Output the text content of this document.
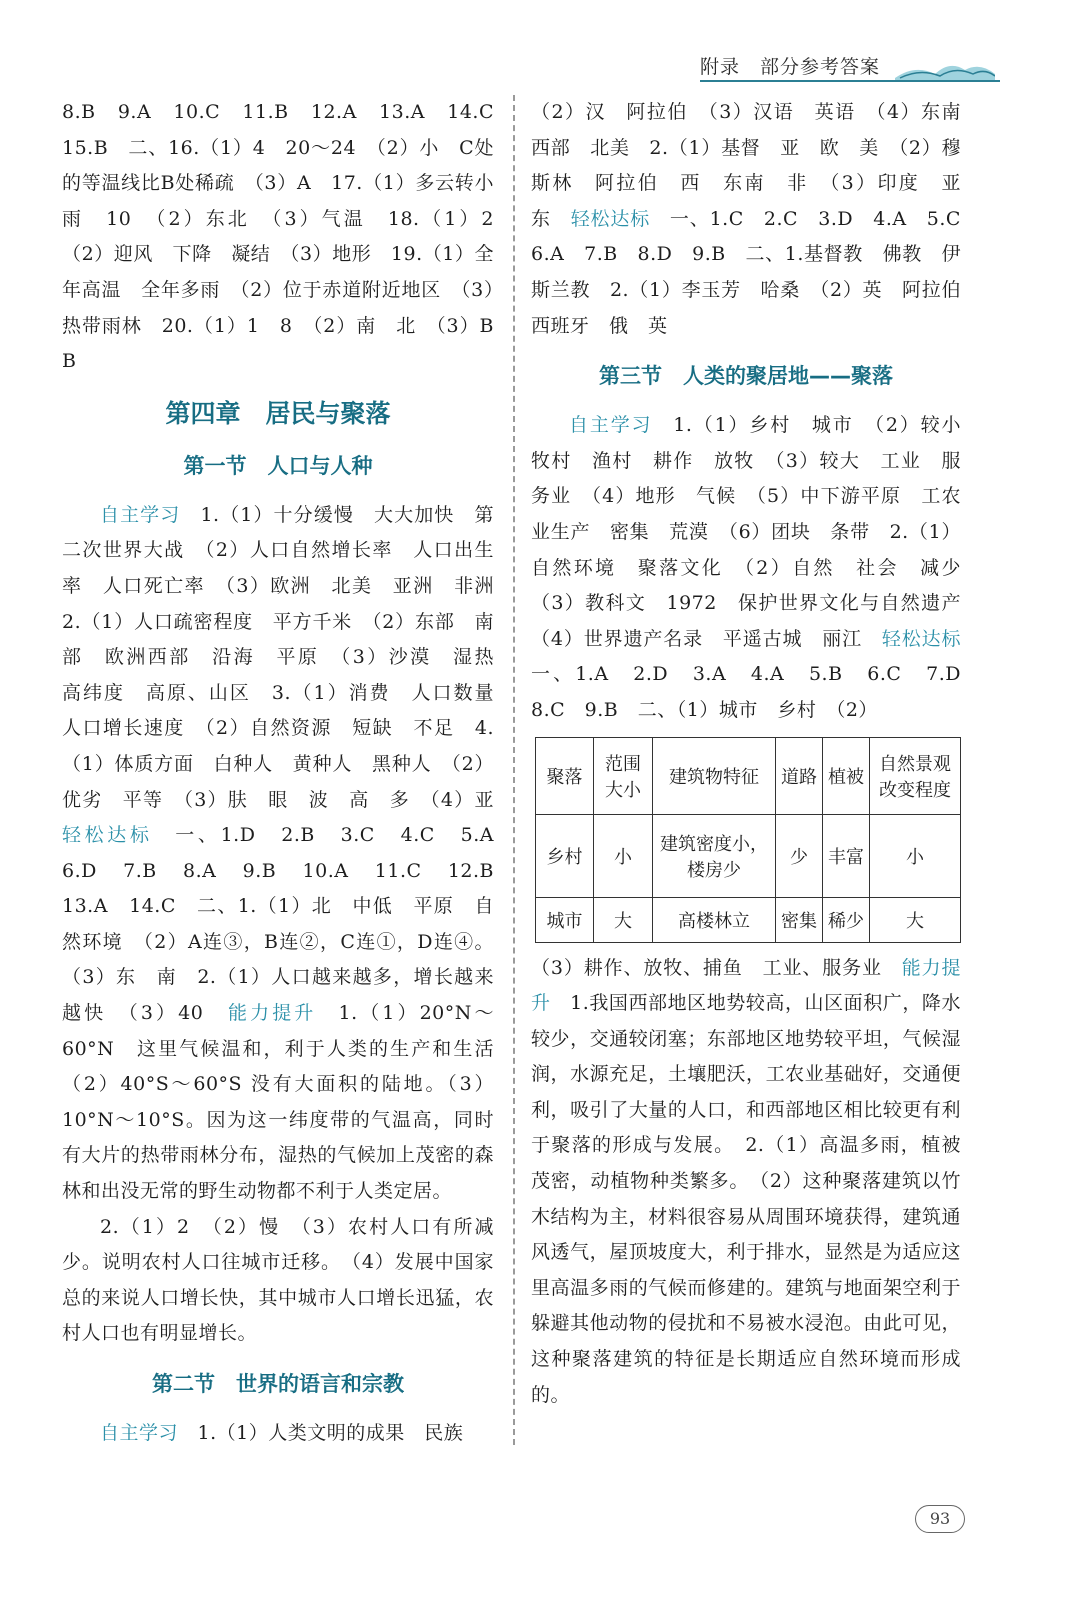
附录　部分参考答案

8.B　9.A　10.C　11.B　12.A　13.A　14.C　15.B　二、16.（1）4　20～24　（2）小　C处的等温线比B处稀疏　（3）A　17.（1）多云转小雨　10　（2）东北　（3）气温　18.（1）2　（2）迎风　下降　凝结　（3）地形　19.（1）全年高温　全年多雨　（2）位于赤道附近地区　（3）热带雨林　20.（1）1　8　（2）南　北　（3）B　B

第四章　居民与聚落
第一节　人口与人种

自主学习　 1.（1）十分缓慢　大大加快　第二次世界大战　（2）人口自然增长率　人口出生率　人口死亡率　（3）欧洲　北美　亚洲　非洲　2.（1）人口疏密程度　平方千米　（2）东部　南部　欧洲西部　沿海　平原　（3）沙漠　湿热　高纬度　高原、山区　3.（1）消费　人口数量　人口增长速度　（2）自然资源　短缺　不足　4.（1）体质方面　白种人　黄种人　黑种人　（2）优劣　平等　（3）肤　眼　波　高　多　（4）亚　轻松达标　 一、1.D　2.B　3.C　4.C　5.A　6.D　7.B　8.A　9.B　10.A　11.C　12.B　13.A　14.C　二、1.（1）北　中低　平原　自然环境　（2）A连③，B连②，C连①，D连④。（3）东　南　2.（1）人口越来越多，增长越来越快　（3）40　能力提升　 1.（1）20°N～60°N　这里气候温和，利于人类的生产和生活　（2）40°S～60°S 没有大面积的陆地。（3）10°N～10°S。因为这一纬度带的气温高，同时有大片的热带雨林分布，湿热的气候加上茂密的森林和出没无常的野生动物都不利于人类定居。

2.（1）2　（2）慢　（3）农村人口有所减少。说明农村人口往城市迁移。　（4）发展中国家总的来说人口增长快，其中城市人口增长迅猛，农村人口也有明显增长。

第二节　世界的语言和宗教

自主学习　 1.（1）人类文明的成果　民族

（2）汉　阿拉伯　（3）汉语　英语　（4）东南　西部　北美　2.（1）基督　亚　欧　美　（2）穆斯林　阿拉伯　西　东南　非　（3）印度　亚　东　轻松达标　 一、1.C　2.C　3.D　4.A　5.C　6.A　7.B　8.D　9.B　二、1.基督教　佛教　伊斯兰教　2.（1）李玉芳　哈桑　（2）英　阿拉伯　西班牙　俄　英

第三节　人类的聚居地——聚落

自主学习　 1.（1）乡村　城市　（2）较小　牧村　渔村　耕作　放牧　（3）较大　工业　服务业　（4）地形　气候　（5）中下游平原　工农业生产　密集　荒漠　（6）团块　条带　2.（1）自然环境　聚落文化　（2）自然　社会　减少　（3）教科文　1972　保护世界文化与自然遗产　（4）世界遗产名录　平遥古城　丽江　轻松达标　一、1.A　2.D　3.A　4.A　5.B　6.C　7.D　8.C　9.B　二、（1）城市　乡村　（2）

聚落	范围大小	建筑物特征	道路	植被	自然景观改变程度
乡村	小	建筑密度小，楼房少	少	丰富	小
城市	大	高楼林立	密集	稀少	大

（3）耕作、放牧、捕鱼　工业、服务业　能力提升　 1.我国西部地区地势较高，山区面积广，降水较少，交通较闭塞；东部地区地势较平坦，气候湿润，水源充足，土壤肥沃，工农业基础好，交通便利，吸引了大量的人口，和西部地区相比较更有利于聚落的形成与发展。　2.（1）高温多雨，植被茂密，动植物种类繁多。　（2）这种聚落建筑以竹木结构为主，材料很容易从周围环境获得，建筑通风透气，屋顶坡度大，利于排水，显然是为适应这里高温多雨的气候而修建的。建筑与地面架空利于躲避其他动物的侵扰和不易被水浸泡。由此可见，这种聚落建筑的特征是长期适应自然环境而形成的。

93
